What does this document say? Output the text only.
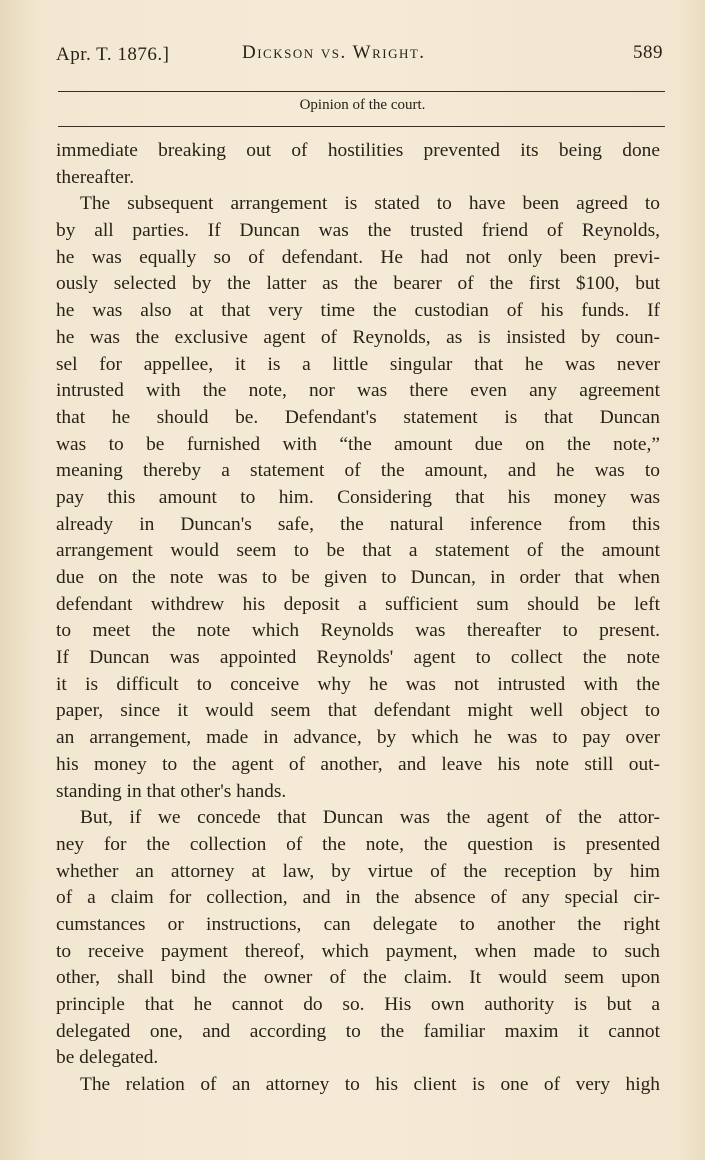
Apr. T. 1876.]	Dickson vs. Wright.	589
Opinion of the court.
immediate breaking out of hostilities prevented its being done
thereafter.
The subsequent arrangement is stated to have been agreed to
by all parties. If Duncan was the trusted friend of Reynolds,
he was equally so of defendant. He had not only been previ-
ously selected by the latter as the bearer of the first $100, but
he was also at that very time the custodian of his funds. If
he was the exclusive agent of Reynolds, as is insisted by coun-
sel for appellee, it is a little singular that he was never
intrusted with the note, nor was there even any agreement
that he should be. Defendant's statement is that Duncan
was to be furnished with “the amount due on the note,”
meaning thereby a statement of the amount, and he was to
pay this amount to him. Considering that his money was
already in Duncan's safe, the natural inference from this
arrangement would seem to be that a statement of the amount
due on the note was to be given to Duncan, in order that when
defendant withdrew his deposit a sufficient sum should be left
to meet the note which Reynolds was thereafter to present.
If Duncan was appointed Reynolds' agent to collect the note
it is difficult to conceive why he was not intrusted with the
paper, since it would seem that defendant might well object to
an arrangement, made in advance, by which he was to pay over
his money to the agent of another, and leave his note still out-
standing in that other's hands.
But, if we concede that Duncan was the agent of the attor-
ney for the collection of the note, the question is presented
whether an attorney at law, by virtue of the reception by him
of a claim for collection, and in the absence of any special cir-
cumstances or instructions, can delegate to another the right
to receive payment thereof, which payment, when made to such
other, shall bind the owner of the claim. It would seem upon
principle that he cannot do so. His own authority is but a
delegated one, and according to the familiar maxim it cannot
be delegated.
The relation of an attorney to his client is one of very high
